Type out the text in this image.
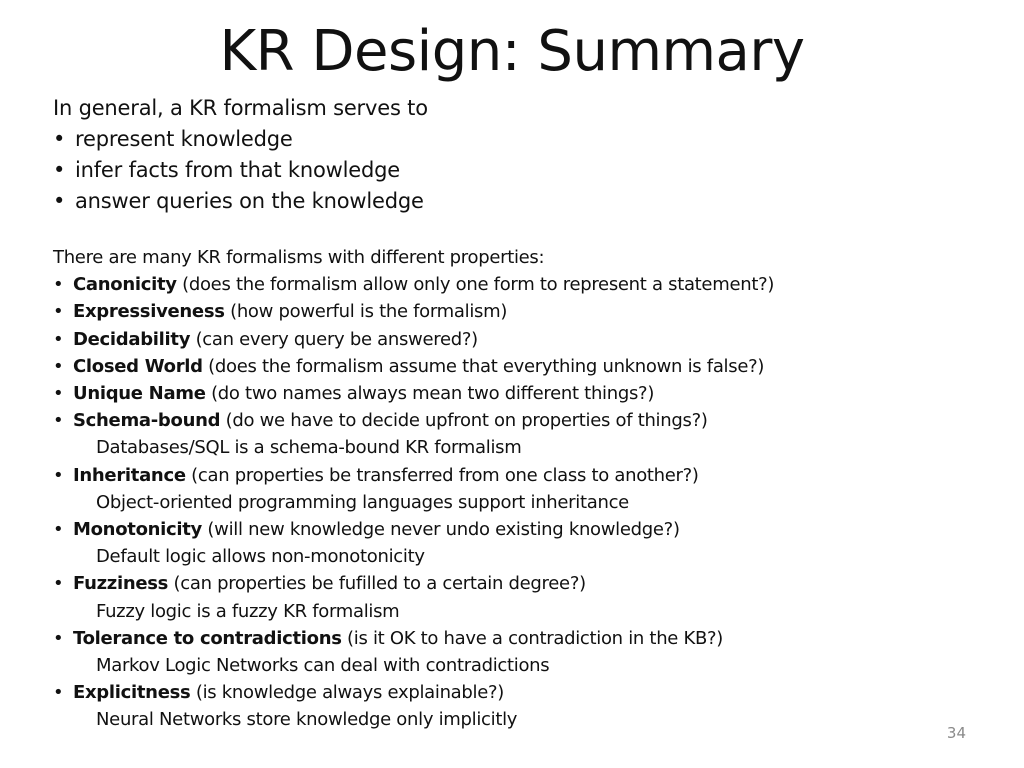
KR Design: Summary
In general, a KR formalism serves to
• represent knowledge
• infer facts from that knowledge
• answer queries on the knowledge
There are many KR formalisms with different properties:
• Canonicity (does the formalism allow only one form to represent a statement?)
• Expressiveness (how powerful is the formalism)
• Decidability (can every query be answered?)
• Closed World (does the formalism assume that everything unknown is false?)
• Unique Name (do two names always mean two different things?)
• Schema-bound (do we have to decide upfront on properties of things?)
Databases/SQL is a schema-bound KR formalism
• Inheritance (can properties be transferred from one class to another?)
Object-oriented programming languages support inheritance
• Monotonicity (will new knowledge never undo existing knowledge?)
Default logic allows non-monotonicity
• Fuzziness (can properties be fufilled to a certain degree?)
Fuzzy logic is a fuzzy KR formalism
• Tolerance to contradictions (is it OK to have a contradiction in the KB?)
Markov Logic Networks can deal with contradictions
• Explicitness (is knowledge always explainable?)
Neural Networks store knowledge only implicitly
34
